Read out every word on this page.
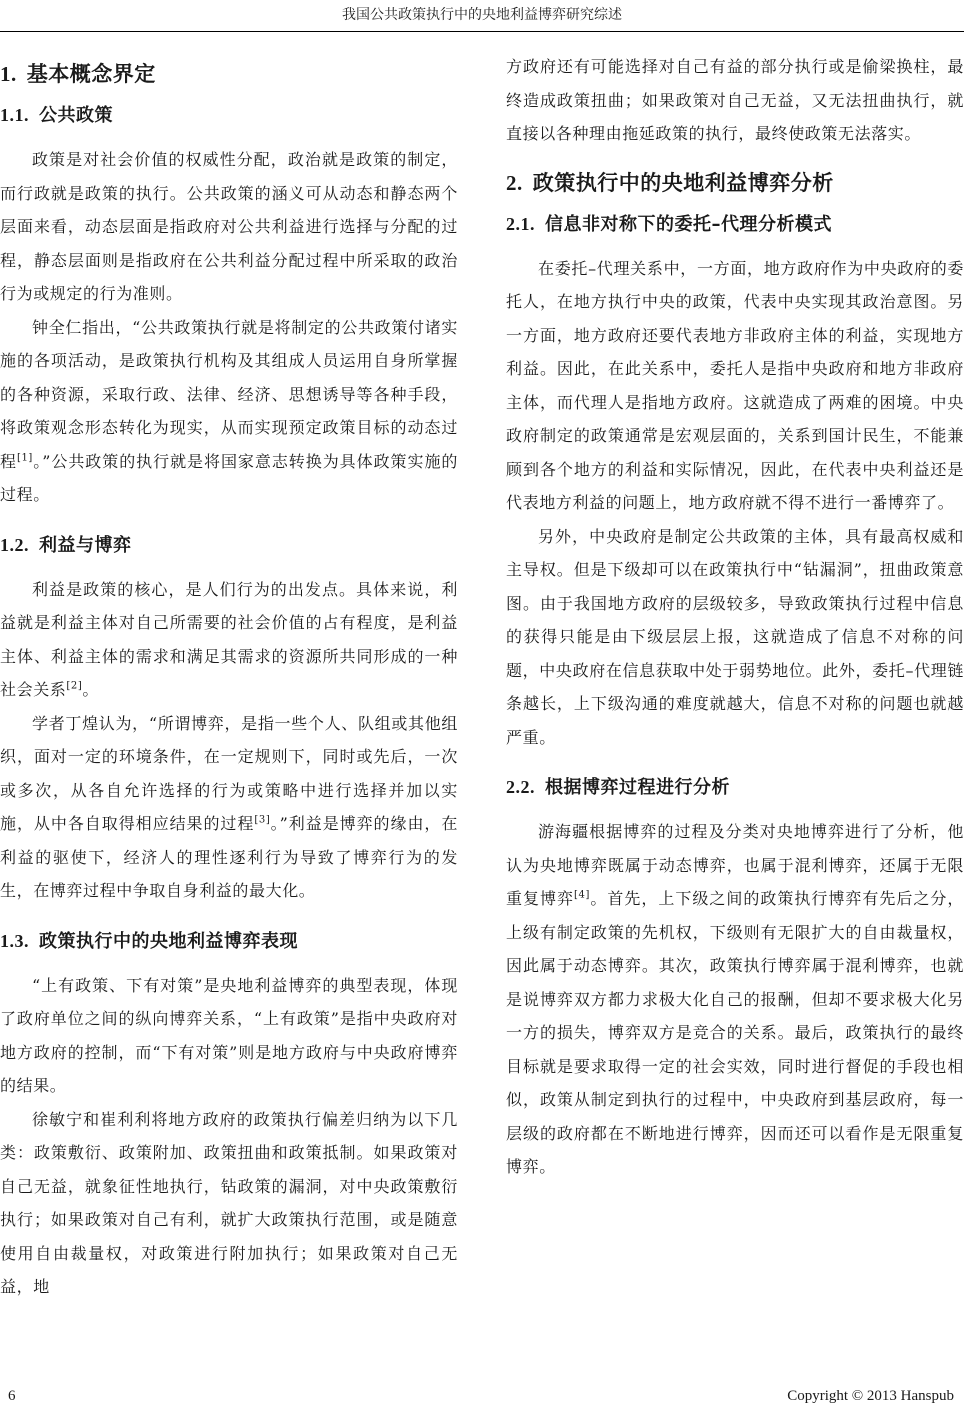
我国公共政策执行中的央地利益博弈研究综述
1. 基本概念界定
1.1. 公共政策

政策是对社会价值的权威性分配，政治就是政策的制定，而行政就是政策的执行。公共政策的涵义可从动态和静态两个层面来看，动态层面是指政府对公共利益进行选择与分配的过程，静态层面则是指政府在公共利益分配过程中所采取的政治行为或规定的行为准则。

钟全仁指出，“公共政策执行就是将制定的公共政策付诸实施的各项活动，是政策执行机构及其组成人员运用自身所掌握的各种资源，采取行政、法律、经济、思想诱导等各种手段，将政策观念形态转化为现实，从而实现预定政策目标的动态过程[1]。”公共政策的执行就是将国家意志转换为具体政策实施的过程。

1.2. 利益与博弈

利益是政策的核心，是人们行为的出发点。具体来说，利益就是利益主体对自己所需要的社会价值的占有程度，是利益主体、利益主体的需求和满足其需求的资源所共同形成的一种社会关系[2]。

学者丁煌认为，“所谓博弈，是指一些个人、队组或其他组织，面对一定的环境条件，在一定规则下，同时或先后，一次或多次，从各自允许选择的行为或策略中进行选择并加以实施，从中各自取得相应结果的过程[3]。”利益是博弈的缘由，在利益的驱使下，经济人的理性逐利行为导致了博弈行为的发生，在博弈过程中争取自身利益的最大化。

1.3. 政策执行中的央地利益博弈表现

“上有政策、下有对策”是央地利益博弈的典型表现，体现了政府单位之间的纵向博弈关系，“上有政策”是指中央政府对地方政府的控制，而“下有对策”则是地方政府与中央政府博弈的结果。

徐敏宁和崔利利将地方政府的政策执行偏差归纳为以下几类：政策敷衍、政策附加、政策扭曲和政策抵制。如果政策对自己无益，就象征性地执行，钻政策的漏洞，对中央政策敷衍执行；如果政策对自己有利，就扩大政策执行范围，或是随意使用自由裁量权，对政策进行附加执行；如果政策对自己无益，地

方政府还有可能选择对自己有益的部分执行或是偷梁换柱，最终造成政策扭曲；如果政策对自己无益，又无法扭曲执行，就直接以各种理由拖延政策的执行，最终使政策无法落实。

2. 政策执行中的央地利益博弈分析
2.1. 信息非对称下的委托–代理分析模式

在委托–代理关系中，一方面，地方政府作为中央政府的委托人，在地方执行中央的政策，代表中央实现其政治意图。另一方面，地方政府还要代表地方非政府主体的利益，实现地方利益。因此，在此关系中，委托人是指中央政府和地方非政府主体，而代理人是指地方政府。这就造成了两难的困境。中央政府制定的政策通常是宏观层面的，关系到国计民生，不能兼顾到各个地方的利益和实际情况，因此，在代表中央利益还是代表地方利益的问题上，地方政府就不得不进行一番博弈了。

另外，中央政府是制定公共政策的主体，具有最高权威和主导权。但是下级却可以在政策执行中“钻漏洞”，扭曲政策意图。由于我国地方政府的层级较多，导致政策执行过程中信息的获得只能是由下级层层上报，这就造成了信息不对称的问题，中央政府在信息获取中处于弱势地位。此外，委托–代理链条越长，上下级沟通的难度就越大，信息不对称的问题也就越严重。

2.2. 根据博弈过程进行分析

游海疆根据博弈的过程及分类对央地博弈进行了分析，他认为央地博弈既属于动态博弈，也属于混利博弈，还属于无限重复博弈[4]。首先，上下级之间的政策执行博弈有先后之分，上级有制定政策的先机权，下级则有无限扩大的自由裁量权，因此属于动态博弈。其次，政策执行博弈属于混利博弈，也就是说博弈双方都力求极大化自己的报酬，但却不要求极大化另一方的损失，博弈双方是竞合的关系。最后，政策执行的最终目标就是要求取得一定的社会实效，同时进行督促的手段也相似，政策从制定到执行的过程中，中央政府到基层政府，每一层级的政府都在不断地进行博弈，因而还可以看作是无限重复博弈。

6	Copyright © 2013 Hanspub
